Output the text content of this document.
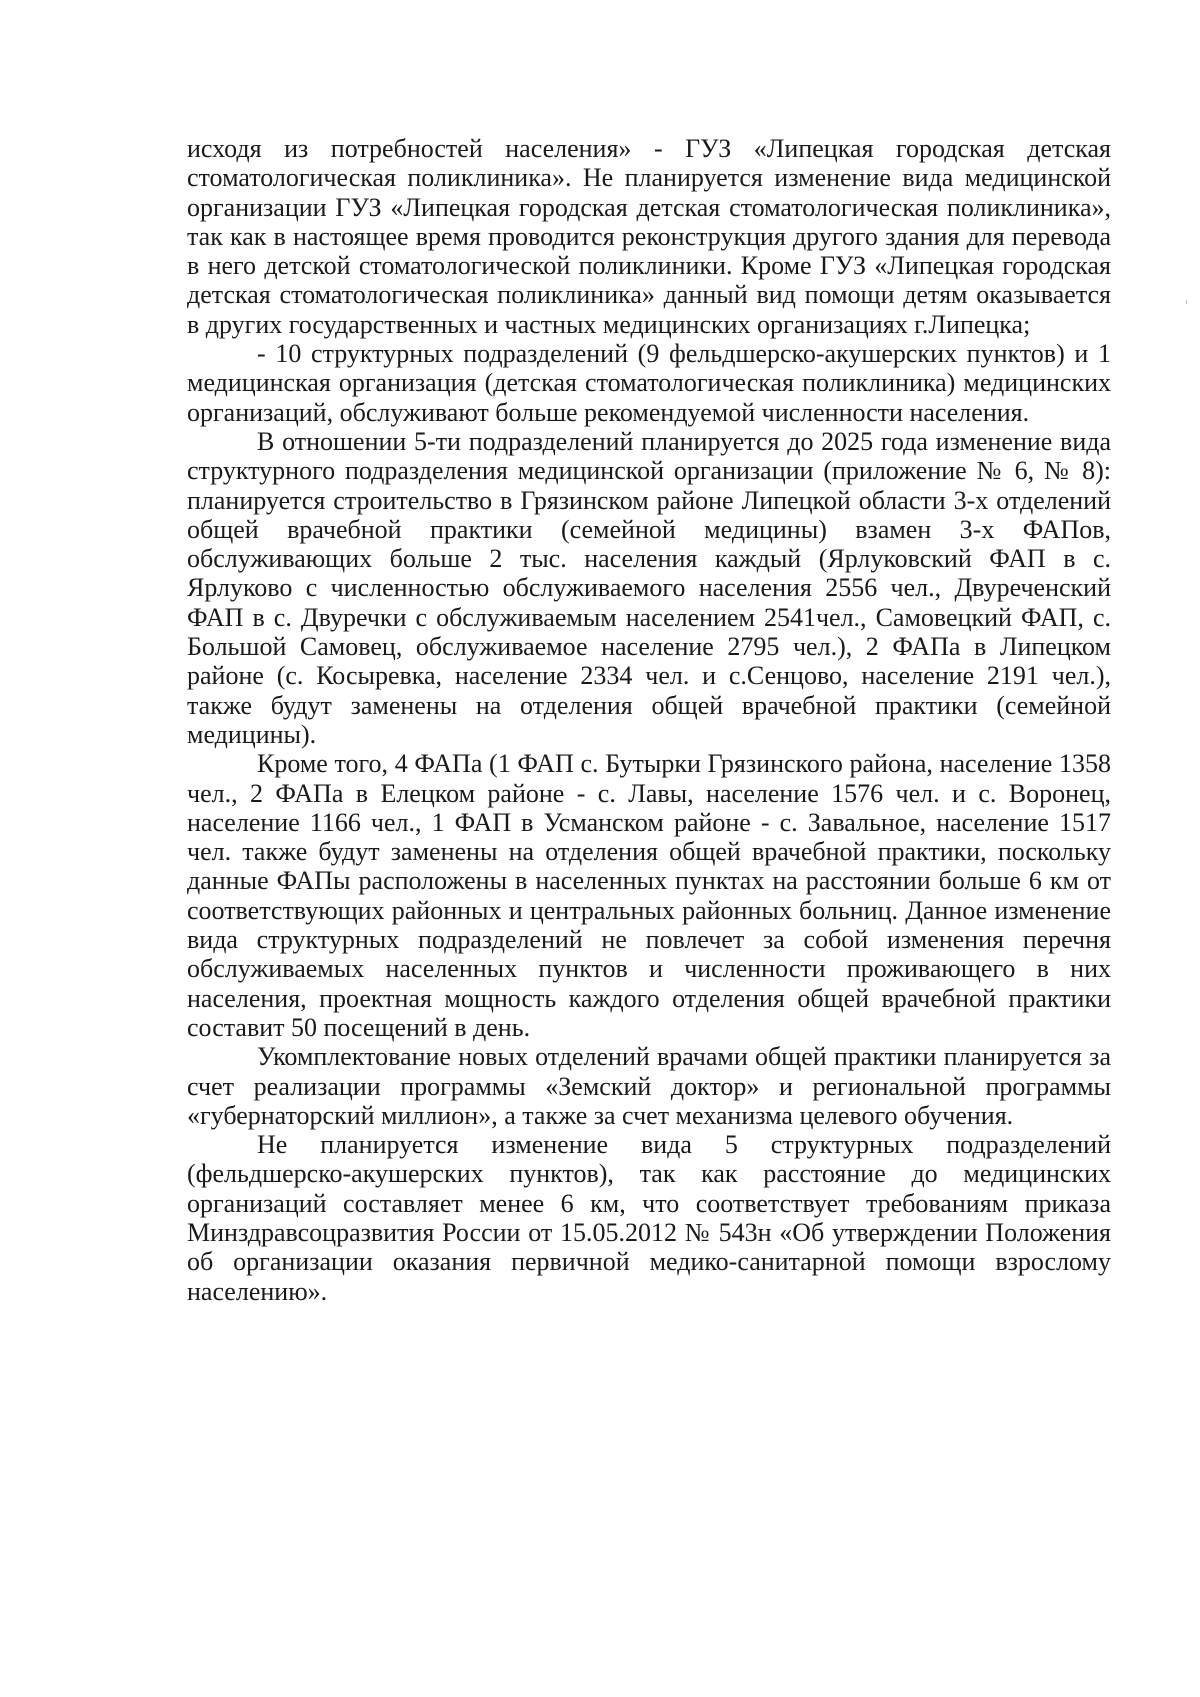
исходя из потребностей населения» - ГУЗ «Липецкая городская детская стоматологическая поликлиника». Не планируется изменение вида медицинской организации ГУЗ «Липецкая городская детская стоматологическая поликлиника», так как в настоящее время проводится реконструкция другого здания для перевода в него детской стоматологической поликлиники. Кроме ГУЗ «Липецкая городская детская стоматологическая поликлиника» данный вид помощи детям оказывается в других государственных и частных медицинских организациях г.Липецка;

- 10 структурных подразделений (9 фельдшерско-акушерских пунктов) и 1 медицинская организация (детская стоматологическая поликлиника) медицинских организаций, обслуживают больше рекомендуемой численности населения.

В отношении 5-ти подразделений планируется до 2025 года изменение вида структурного подразделения медицинской организации (приложение № 6, № 8): планируется строительство в Грязинском районе Липецкой области 3-х отделений общей врачебной практики (семейной медицины) взамен 3-х ФАПов, обслуживающих больше 2 тыс. населения каждый (Ярлуковский ФАП в с. Ярлуково с численностью обслуживаемого населения 2556 чел., Двуреченский ФАП в с. Двуречки с обслуживаемым населением 2541чел., Самовецкий ФАП, с. Большой Самовец, обслуживаемое население 2795 чел.), 2 ФАПа в Липецком районе (с. Косыревка, население 2334 чел. и с.Сенцово, население 2191 чел.), также будут заменены на отделения общей врачебной практики (семейной медицины).

Кроме того, 4 ФАПа (1 ФАП с. Бутырки Грязинского района, население 1358 чел., 2 ФАПа в Елецком районе - с. Лавы, население 1576 чел. и с. Воронец, население 1166 чел., 1 ФАП в Усманском районе - с. Завальное, население 1517 чел. также будут заменены на отделения общей врачебной практики, поскольку данные ФАПы расположены в населенных пунктах на расстоянии больше 6 км от соответствующих районных и центральных районных больниц. Данное изменение вида структурных подразделений не повлечет за собой изменения перечня обслуживаемых населенных пунктов и численности проживающего в них населения, проектная мощность каждого отделения общей врачебной практики составит 50 посещений в день.

Укомплектование новых отделений врачами общей практики планируется за счет реализации программы «Земский доктор» и региональной программы «губернаторский миллион», а также за счет механизма целевого обучения.

Не планируется изменение вида 5 структурных подразделений (фельдшерско-акушерских пунктов), так как расстояние до медицинских организаций составляет менее 6 км, что соответствует требованиям приказа Минздравсоцразвития России от 15.05.2012 № 543н «Об утверждении Положения об организации оказания первичной медико-санитарной помощи взрослому населению».
